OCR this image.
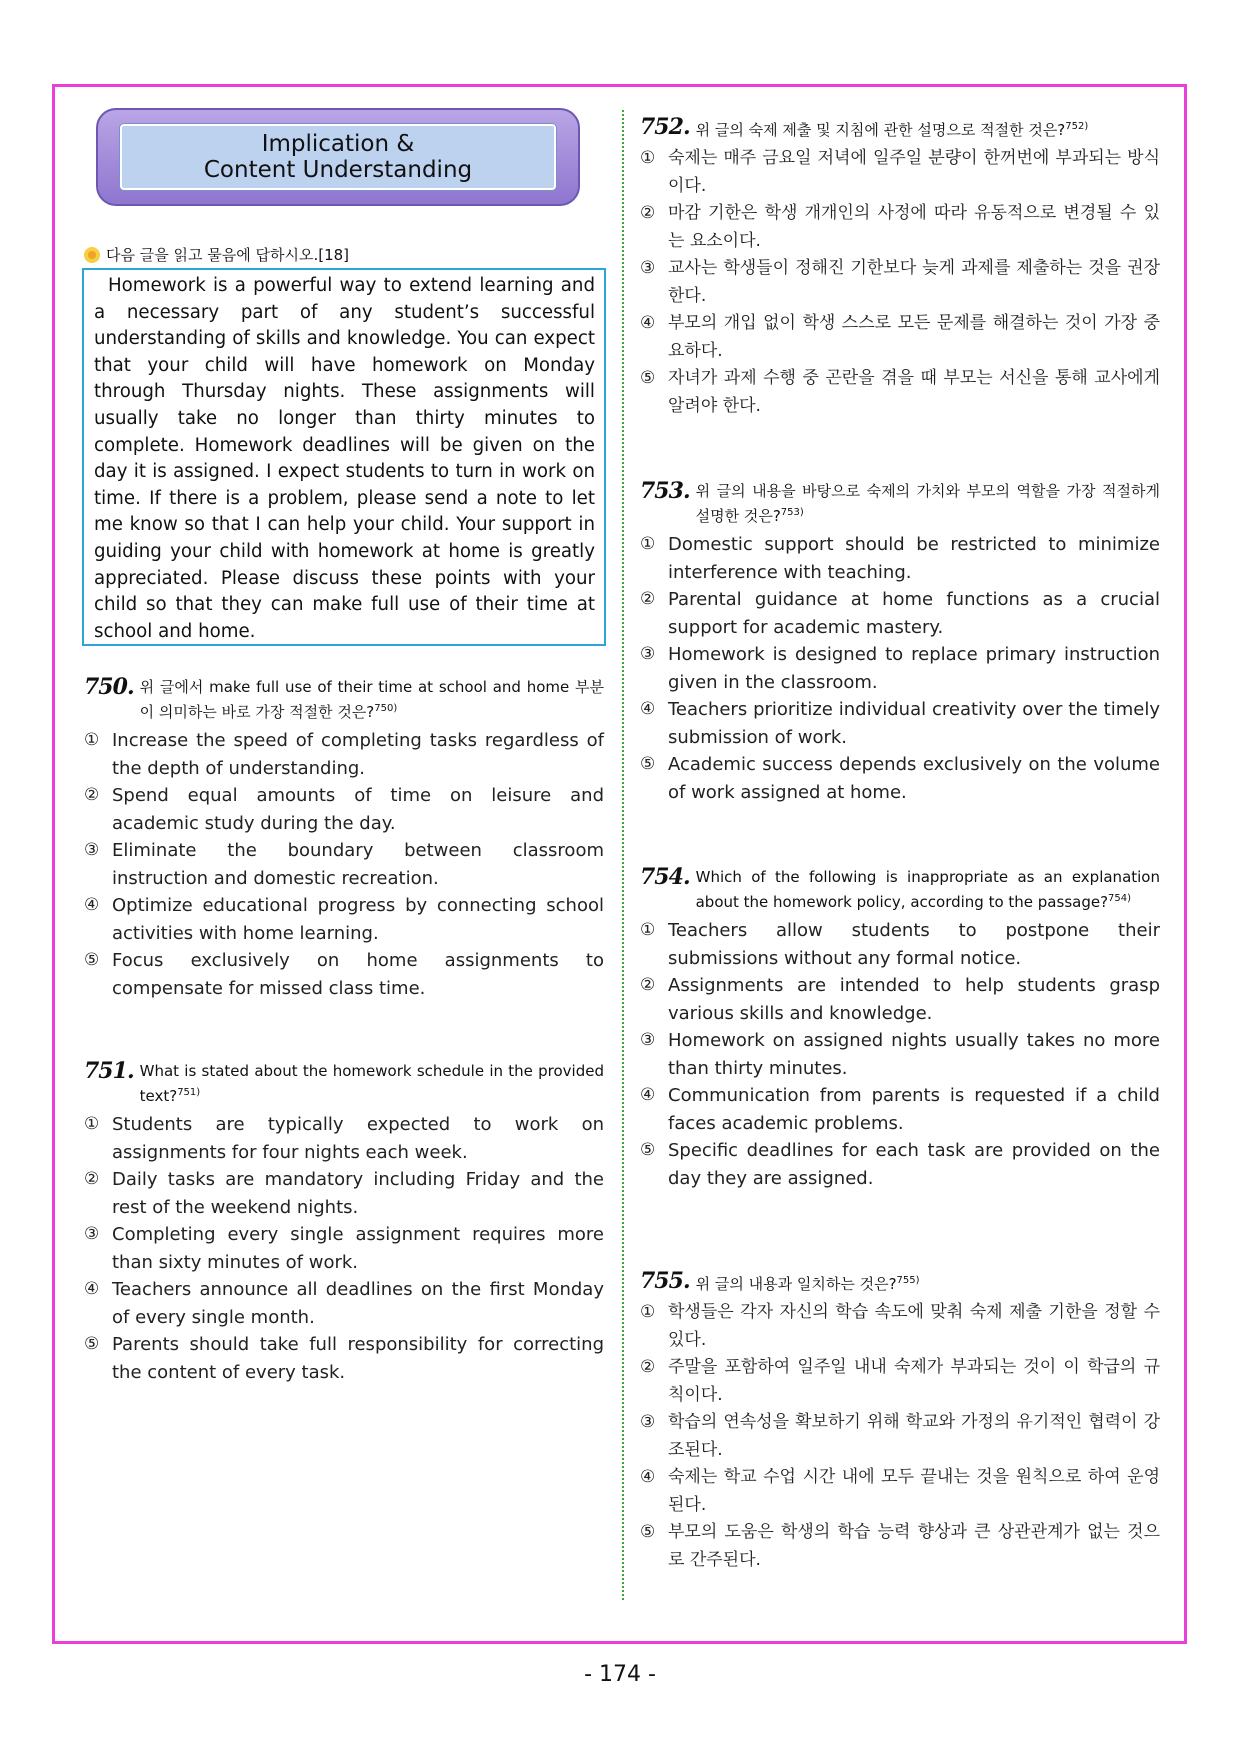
Implication &
Content Understanding
다음 글을 읽고 물음에 답하시오.[18]
Homework is a powerful way to extend learning and a necessary part of any student’s successful understanding of skills and knowledge. You can expect that your child will have homework on Monday through Thursday nights. These assignments will usually take no longer than thirty minutes to complete. Homework deadlines will be given on the day it is assigned. I expect students to turn in work on time. If there is a problem, please send a note to let me know so that I can help your child. Your support in guiding your child with homework at home is greatly appreciated. Please discuss these points with your child so that they can make full use of their time at school and home.
750 . 위 글에서 make full use of their time at school and home 부분이 의미하는 바로 가장 적절한 것은?$^{750)}$
① Increase the speed of completing tasks regardless of the depth of understanding.
② Spend equal amounts of time on leisure and academic study during the day.
③ Eliminate the boundary between classroom instruction and domestic recreation.
④ Optimize educational progress by connecting school activities with home learning.
⑤ Focus exclusively on home assignments to compensate for missed class time.
751 . What is stated about the homework schedule in the provided text?$^{751)}$
① Students are typically expected to work on assignments for four nights each week.
② Daily tasks are mandatory including Friday and the rest of the weekend nights.
③ Completing every single assignment requires more than sixty minutes of work.
④ Teachers announce all deadlines on the first Monday of every single month.
⑤ Parents should take full responsibility for correcting the content of every task.
752 . 위 글의 숙제 제출 및 지침에 관한 설명으로 적절한 것은?$^{752)}$
① 숙제는 매주 금요일 저녁에 일주일 분량이 한꺼번에 부과되는 방식이다.
② 마감 기한은 학생 개개인의 사정에 따라 유동적으로 변경될 수 있는 요소이다.
③ 교사는 학생들이 정해진 기한보다 늦게 과제를 제출하는 것을 권장한다.
④ 부모의 개입 없이 학생 스스로 모든 문제를 해결하는 것이 가장 중요하다.
⑤ 자녀가 과제 수행 중 곤란을 겪을 때 부모는 서신을 통해 교사에게 알려야 한다.
753 . 위 글의 내용을 바탕으로 숙제의 가치와 부모의 역할을 가장 적절하게 설명한 것은?$^{753)}$
① Domestic support should be restricted to minimize interference with teaching.
② Parental guidance at home functions as a crucial support for academic mastery.
③ Homework is designed to replace primary instruction given in the classroom.
④ Teachers prioritize individual creativity over the timely submission of work.
⑤ Academic success depends exclusively on the volume of work assigned at home.
754 . Which of the following is inappropriate as an explanation about the homework policy, according to the passage?$^{754)}$
① Teachers allow students to postpone their submissions without any formal notice.
② Assignments are intended to help students grasp various skills and knowledge.
③ Homework on assigned nights usually takes no more than thirty minutes.
④ Communication from parents is requested if a child faces academic problems.
⑤ Specific deadlines for each task are provided on the day they are assigned.
755 . 위 글의 내용과 일치하는 것은?$^{755)}$
① 학생들은 각자 자신의 학습 속도에 맞춰 숙제 제출 기한을 정할 수 있다.
② 주말을 포함하여 일주일 내내 숙제가 부과되는 것이 이 학급의 규칙이다.
③ 학습의 연속성을 확보하기 위해 학교와 가정의 유기적인 협력이 강조된다.
④ 숙제는 학교 수업 시간 내에 모두 끝내는 것을 원칙으로 하여 운영된다.
⑤ 부모의 도움은 학생의 학습 능력 향상과 큰 상관관계가 없는 것으로 간주된다.
- 174 -
